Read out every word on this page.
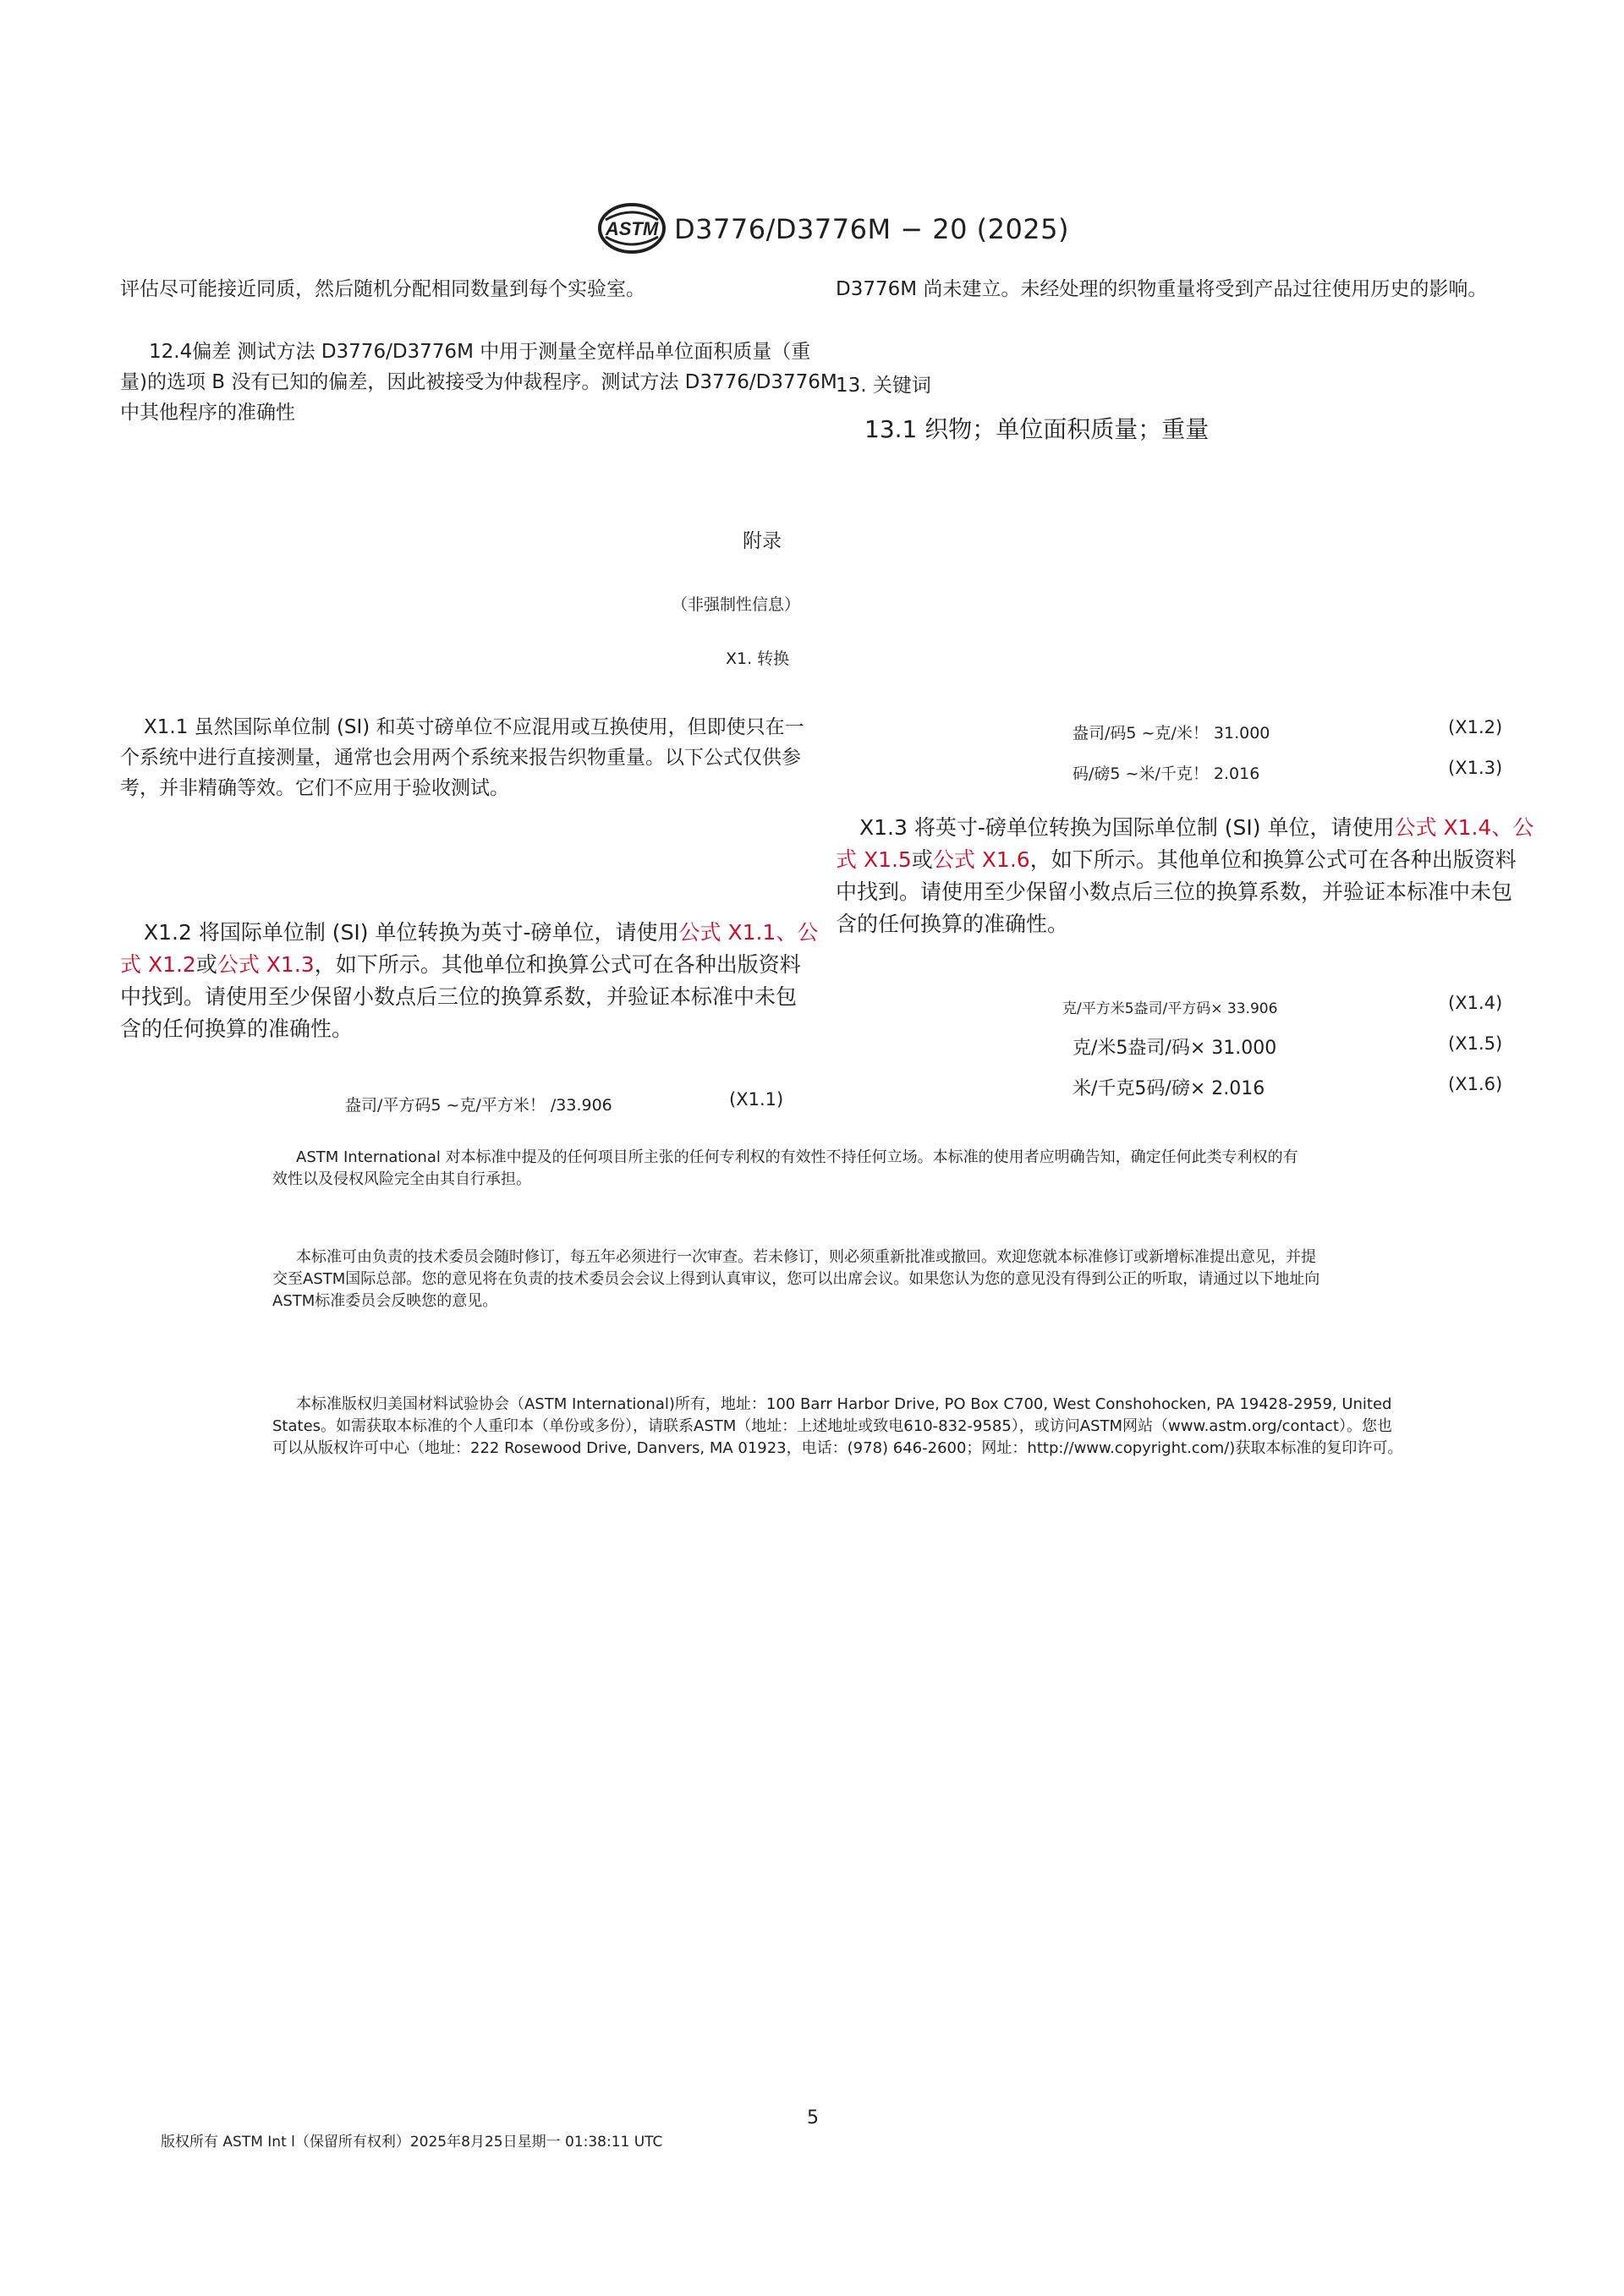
ASTM D3776/D3776M − 20 (2025)
评估尽可能接近同质，然后随机分配相同数量到每个实验室。
12.4偏差 测试方法 D3776/D3776M 中用于测量全宽样品单位面积质量（重
量)的选项 B 没有已知的偏差，因此被接受为仲裁程序。测试方法 D3776/D3776M
中其他程序的准确性
附录
（非强制性信息）
X1. 转换
X1.1 虽然国际单位制 (SI) 和英寸磅单位不应混用或互换使用，但即使只在一
个系统中进行直接测量，通常也会用两个系统来报告织物重量。以下公式仅供参
考，并非精确等效。它们不应用于验收测试。
X1.2 将国际单位制 (SI) 单位转换为英寸-磅单位，请使用公式 X1.1、公
式 X1.2或公式 X1.3，如下所示。其他单位和换算公式可在各种出版资料
中找到。请使用至少保留小数点后三位的换算系数，并验证本标准中未包
含的任何换算的准确性。
盎司/平方码5 ~克/平方米！ /33.906	(X1.1)
D3776M 尚未建立。未经处理的织物重量将受到产品过往使用历史的影响。
13. 关键词
13.1 织物；单位面积质量；重量
盎司/码5 ~克/米！ 31.000	(X1.2)
码/磅5 ~米/千克！ 2.016	(X1.3)
X1.3 将英寸-磅单位转换为国际单位制 (SI) 单位，请使用公式 X1.4、公
式 X1.5或公式 X1.6，如下所示。其他单位和换算公式可在各种出版资料
中找到。请使用至少保留小数点后三位的换算系数，并验证本标准中未包
含的任何换算的准确性。
克/平方米5盎司/平方码× 33.906	(X1.4)
克/米5盎司/码× 31.000	(X1.5)
米/千克5码/磅× 2.016	(X1.6)
ASTM International 对本标准中提及的任何项目所主张的任何专利权的有效性不持任何立场。本标准的使用者应明确告知，确定任何此类专利权的有
效性以及侵权风险完全由其自行承担。
本标准可由负责的技术委员会随时修订，每五年必须进行一次审查。若未修订，则必须重新批准或撤回。欢迎您就本标准修订或新增标准提出意见，并提
交至ASTM国际总部。您的意见将在负责的技术委员会会议上得到认真审议，您可以出席会议。如果您认为您的意见没有得到公正的听取，请通过以下地址向
ASTM标准委员会反映您的意见。
本标准版权归美国材料试验协会（ASTM International)所有，地址：100 Barr Harbor Drive, PO Box C700, West Conshohocken, PA 19428-2959, United
States。如需获取本标准的个人重印本（单份或多份），请联系ASTM（地址：上述地址或致电610-832-9585），或访问ASTM网站（www.astm.org/contact）。您也
可以从版权许可中心（地址：222 Rosewood Drive, Danvers, MA 01923，电话：(978) 646-2600；网址：http://www.copyright.com/)获取本标准的复印许可。
5
版权所有 ASTM Int l（保留所有权利）2025年8月25日星期一 01:38:11 UTC
